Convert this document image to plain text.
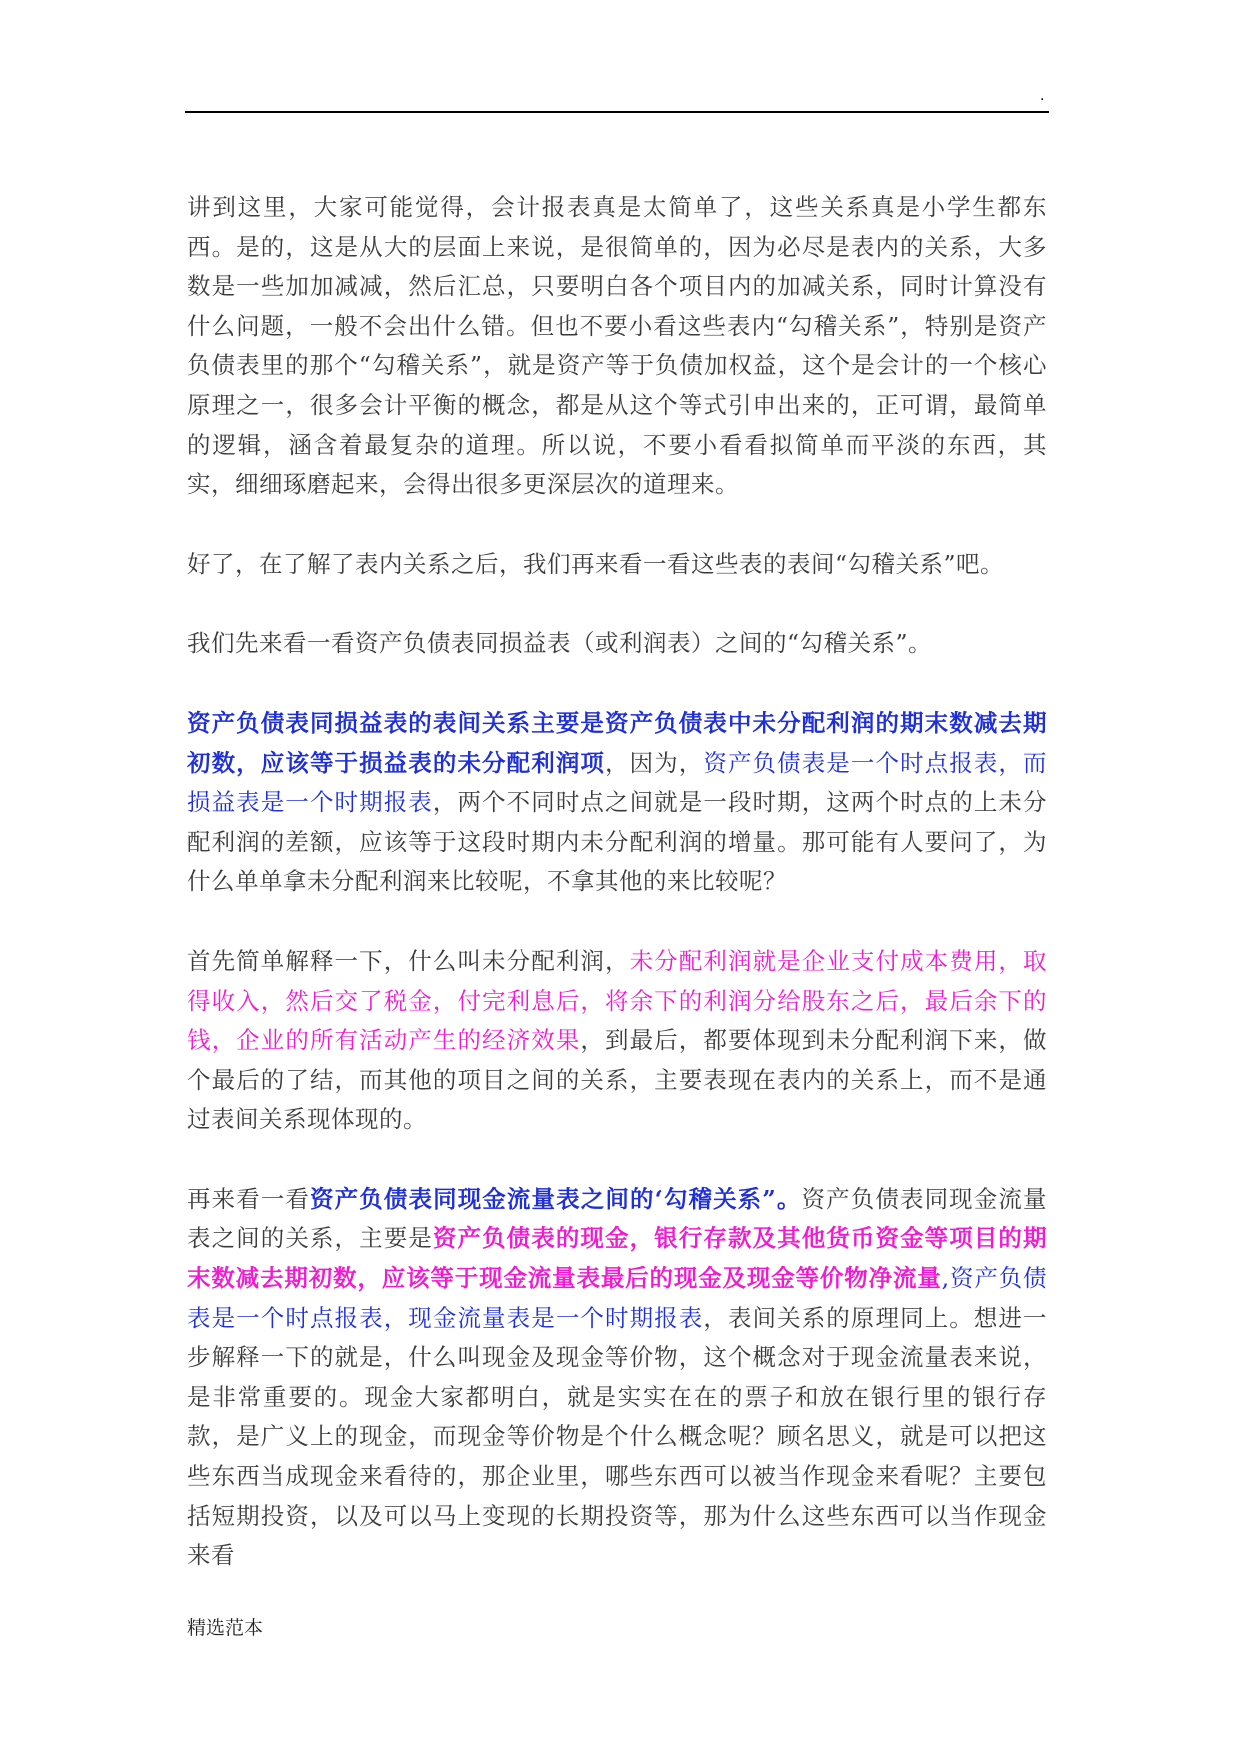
.

讲到这里，大家可能觉得，会计报表真是太简单了，这些关系真是小学生都东西。是的，这是从大的层面上来说，是很简单的，因为必尽是表内的关系，大多数是一些加加减减，然后汇总，只要明白各个项目内的加减关系，同时计算没有什么问题，一般不会出什么错。但也不要小看这些表内“勾稽关系”，特别是资产负债表里的那个“勾稽关系”，就是资产等于负债加权益，这个是会计的一个核心原理之一，很多会计平衡的概念，都是从这个等式引申出来的，正可谓，最简单的逻辑，涵含着最复杂的道理。所以说，不要小看看拟简单而平淡的东西，其实，细细琢磨起来，会得出很多更深层次的道理来。

好了，在了解了表内关系之后，我们再来看一看这些表的表间“勾稽关系”吧。

我们先来看一看资产负债表同损益表（或利润表）之间的“勾稽关系”。

资产负债表同损益表的表间关系主要是资产负债表中未分配利润的期末数减去期初数，应该等于损益表的未分配利润项，因为，资产负债表是一个时点报表，而损益表是一个时期报表，两个不同时点之间就是一段时期，这两个时点的上未分配利润的差额，应该等于这段时期内未分配利润的增量。那可能有人要问了，为什么单单拿未分配利润来比较呢，不拿其他的来比较呢？

首先简单解释一下，什么叫未分配利润，未分配利润就是企业支付成本费用，取得收入，然后交了税金，付完利息后，将余下的利润分给股东之后，最后余下的钱，企业的所有活动产生的经济效果，到最后，都要体现到未分配利润下来，做个最后的了结，而其他的项目之间的关系，主要表现在表内的关系上，而不是通过表间关系现体现的。

再来看一看资产负债表同现金流量表之间的‘勾稽关系”。资产负债表同现金流量表之间的关系，主要是资产负债表的现金，银行存款及其他货币资金等项目的期末数减去期初数，应该等于现金流量表最后的现金及现金等价物净流量,资产负债表是一个时点报表，现金流量表是一个时期报表，表间关系的原理同上。想进一步解释一下的就是，什么叫现金及现金等价物，这个概念对于现金流量表来说，是非常重要的。现金大家都明白，就是实实在在的票子和放在银行里的银行存款，是广义上的现金，而现金等价物是个什么概念呢？顾名思义，就是可以把这些东西当成现金来看待的，那企业里，哪些东西可以被当作现金来看呢？主要包括短期投资，以及可以马上变现的长期投资等，那为什么这些东西可以当作现金来看

精选范本
